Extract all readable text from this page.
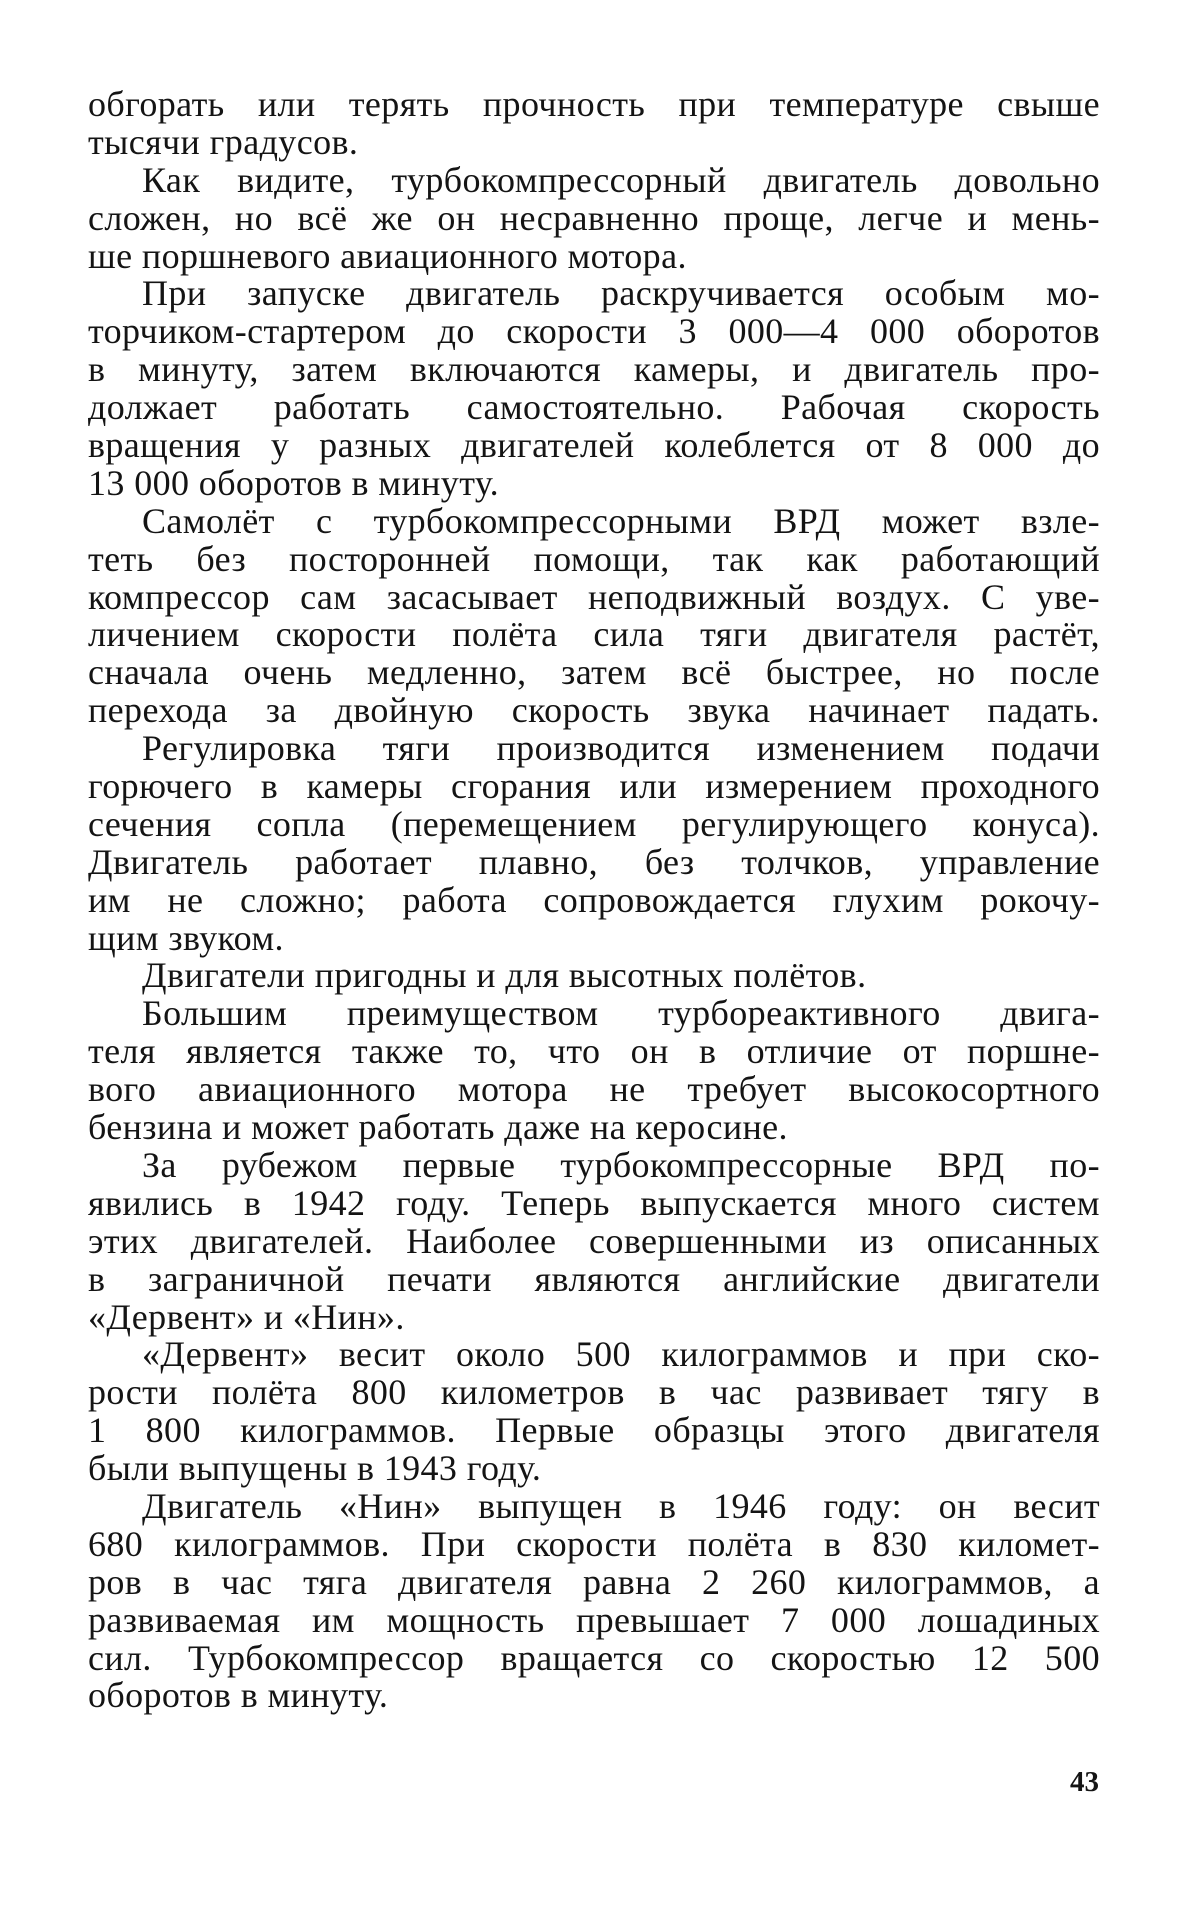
обгорать или терять прочность при температуре свыше
тысячи градусов.
Как видите, турбокомпрессорный двигатель довольно
сложен, но всё же он несравненно проще, легче и мень-
ше поршневого авиационного мотора.
При запуске двигатель раскручивается особым мо-
торчиком-стартером до скорости 3 000—4 000 оборотов
в минуту, затем включаются камеры, и двигатель про-
должает работать самостоятельно. Рабочая скорость
вращения у разных двигателей колеблется от 8 000 до
13 000 оборотов в минуту.
Самолёт с турбокомпрессорными ВРД может взле-
теть без посторонней помощи, так как работающий
компрессор сам засасывает неподвижный воздух. С уве-
личением скорости полёта сила тяги двигателя растёт,
сначала очень медленно, затем всё быстрее, но после
перехода за двойную скорость звука начинает падать.
Регулировка тяги производится изменением подачи
горючего в камеры сгорания или измерением проходного
сечения сопла (перемещением регулирующего конуса).
Двигатель работает плавно, без толчков, управление
им не сложно; работа сопровождается глухим рокочу-
щим звуком.
Двигатели пригодны и для высотных полётов.
Большим преимуществом турбореактивного двига-
теля является также то, что он в отличие от поршне-
вого авиационного мотора не требует высокосортного
бензина и может работать даже на керосине.
За рубежом первые турбокомпрессорные ВРД по-
явились в 1942 году. Теперь выпускается много систем
этих двигателей. Наиболее совершенными из описанных
в заграничной печати являются английские двигатели
«Дервент» и «Нин».
«Дервент» весит около 500 килограммов и при ско-
рости полёта 800 километров в час развивает тягу в
1 800 килограммов. Первые образцы этого двигателя
были выпущены в 1943 году.
Двигатель «Нин» выпущен в 1946 году: он весит
680 килограммов. При скорости полёта в 830 километ-
ров в час тяга двигателя равна 2 260 килограммов, а
развиваемая им мощность превышает 7 000 лошадиных
сил. Турбокомпрессор вращается со скоростью 12 500
оборотов в минуту.
43
